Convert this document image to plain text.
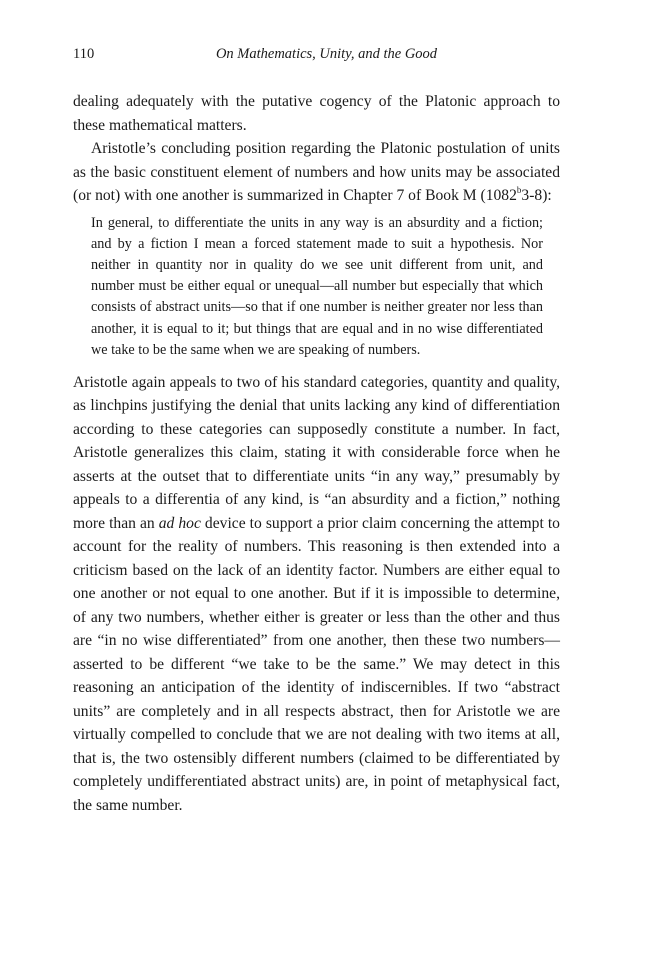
110	On Mathematics, Unity, and the Good

dealing adequately with the putative cogency of the Platonic approach to these mathematical matters.

Aristotle’s concluding position regarding the Platonic postulation of units as the basic constituent element of numbers and how units may be associated (or not) with one another is summarized in Chapter 7 of Book M (1082$^b$3-8):

In general, to differentiate the units in any way is an absurdity and a fiction; and by a fiction I mean a forced statement made to suit a hypothesis. Nor neither in quantity nor in quality do we see unit different from unit, and number must be either equal or unequal—all number but especially that which consists of abstract units—so that if one number is neither greater nor less than another, it is equal to it; but things that are equal and in no wise differentiated we take to be the same when we are speaking of numbers.

Aristotle again appeals to two of his standard categories, quantity and quality, as linchpins justifying the denial that units lacking any kind of differentiation according to these categories can supposedly constitute a number. In fact, Aristotle generalizes this claim, stating it with considerable force when he asserts at the outset that to differentiate units “in any way,” presumably by appeals to a differentia of any kind, is “an absurdity and a fiction,” nothing more than an ad hoc device to support a prior claim concerning the attempt to account for the reality of numbers. This reasoning is then extended into a criticism based on the lack of an identity factor. Numbers are either equal to one another or not equal to one another. But if it is impossible to determine, of any two numbers, whether either is greater or less than the other and thus are “in no wise differentiated” from one another, then these two numbers—asserted to be different “we take to be the same.” We may detect in this reasoning an anticipation of the identity of indiscernibles. If two “abstract units” are completely and in all respects abstract, then for Aristotle we are virtually compelled to conclude that we are not dealing with two items at all, that is, the two ostensibly different numbers (claimed to be differentiated by completely undifferentiated abstract units) are, in point of metaphysical fact, the same number.
